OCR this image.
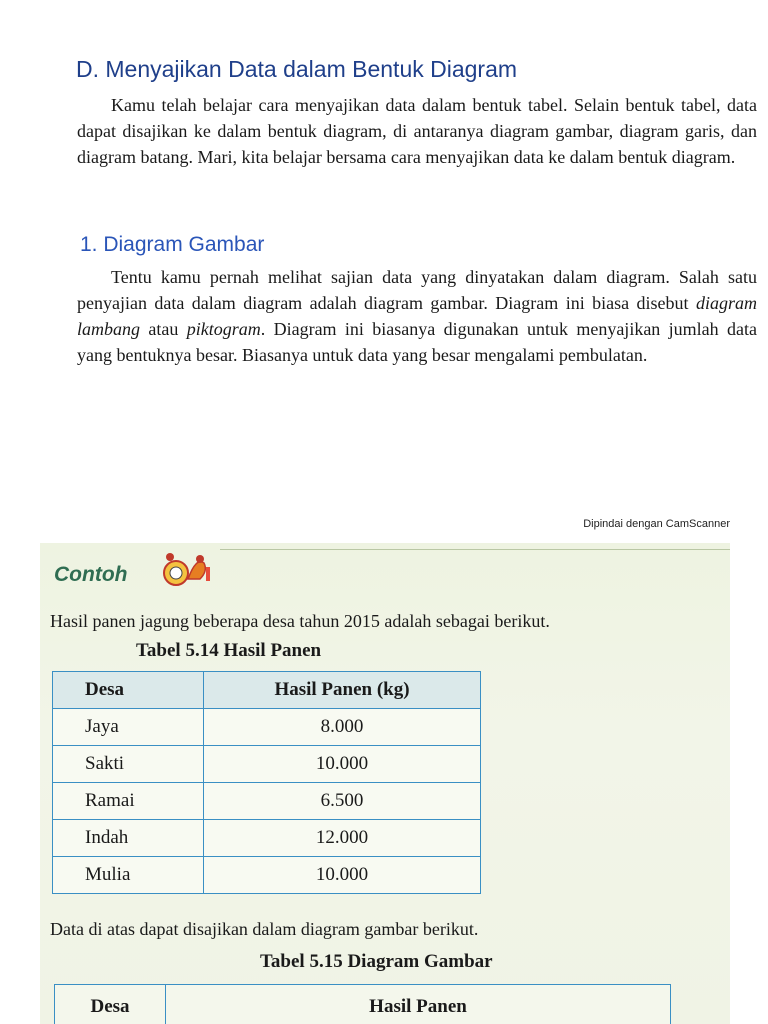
D. Menyajikan Data dalam Bentuk Diagram

Kamu telah belajar cara menyajikan data dalam bentuk tabel. Selain bentuk tabel, data dapat disajikan ke dalam bentuk diagram, di antaranya diagram gambar, diagram garis, dan diagram batang. Mari, kita belajar bersama cara menyajikan data ke dalam bentuk diagram.

1. Diagram Gambar

Tentu kamu pernah melihat sajian data yang dinyatakan dalam diagram. Salah satu penyajian data dalam diagram adalah diagram gambar. Diagram ini biasa disebut diagram lambang atau piktogram. Diagram ini biasanya digunakan untuk menyajikan jumlah data yang bentuknya besar. Biasanya untuk data yang besar mengalami pembulatan.

Dipindai dengan CamScanner
Contoh
Hasil panen jagung beberapa desa tahun 2015 adalah sebagai berikut.
Tabel 5.14 Hasil Panen
Desa	Hasil Panen (kg)
Jaya	8.000
Sakti	10.000
Ramai	6.500
Indah	12.000
Mulia	10.000
Data di atas dapat disajikan dalam diagram gambar berikut.
Tabel 5.15 Diagram Gambar
Desa	Hasil Panen
